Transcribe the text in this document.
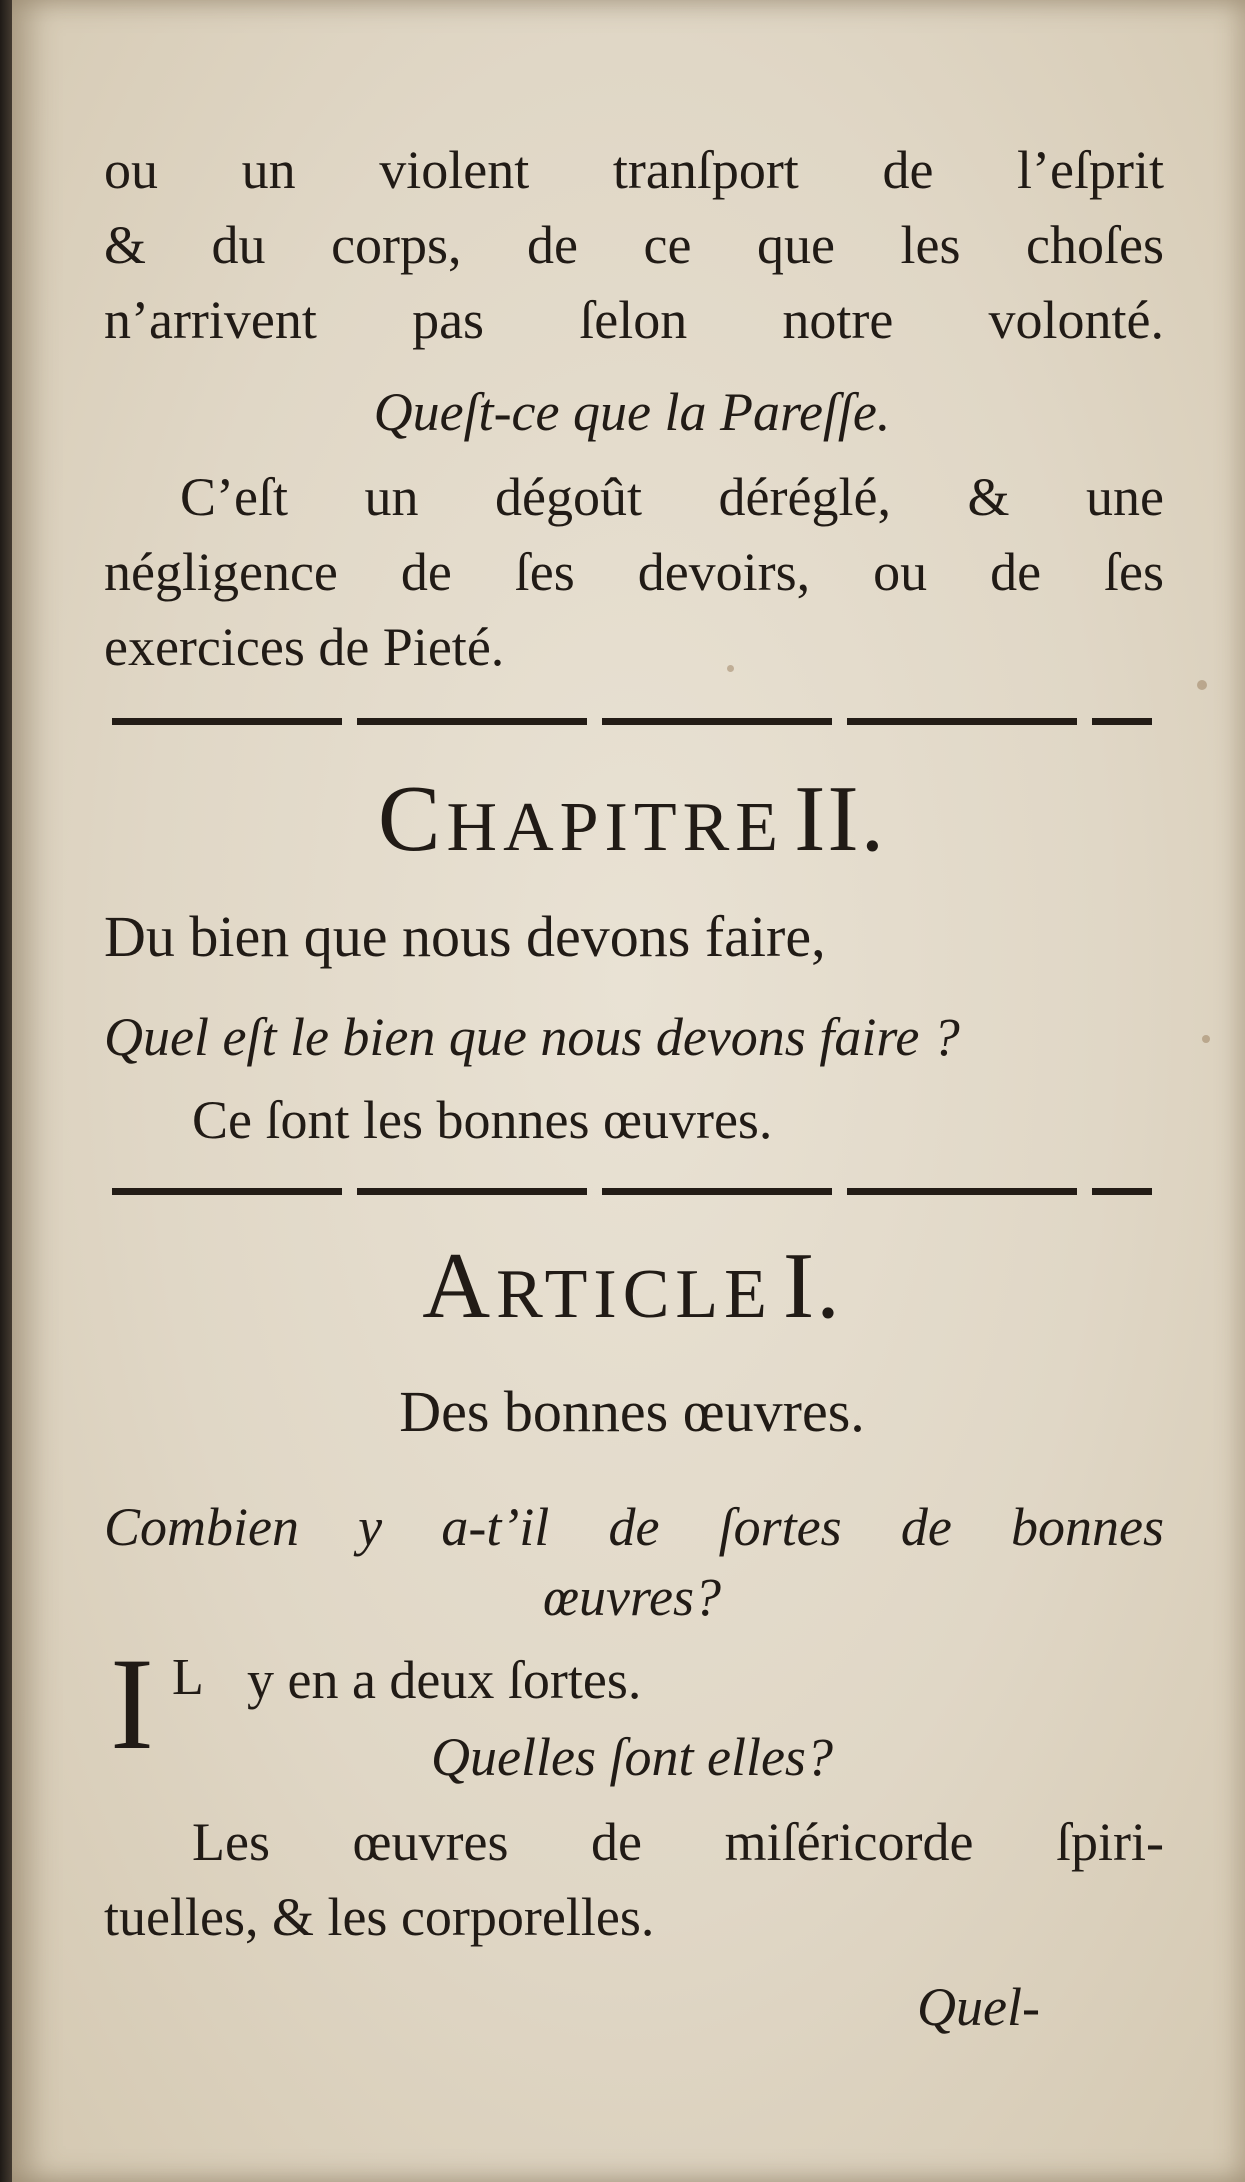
ou un violent tranſport de l’eſprit
& du corps, de ce que les choſes
n’arrivent pas ſelon notre volonté.
Queſt-ce que la Pareſſe.
C’eſt un dégoût déréglé, & une
négligence de ſes devoirs, ou de ſes
exercices de Pieté.
CHAPITRE II.
Du bien que nous devons faire,
Quel eſt le bien que nous devons faire ?
Ce ſont les bonnes œuvres.
ARTICLE I.
Des bonnes œuvres.
Combien y a-t’il de ſortes de bonnes
œuvres?
I L y en a deux ſortes.
Quelles ſont elles?
Les œuvres de miſéricorde ſpiri-
tuelles, & les corporelles.
Quel-
